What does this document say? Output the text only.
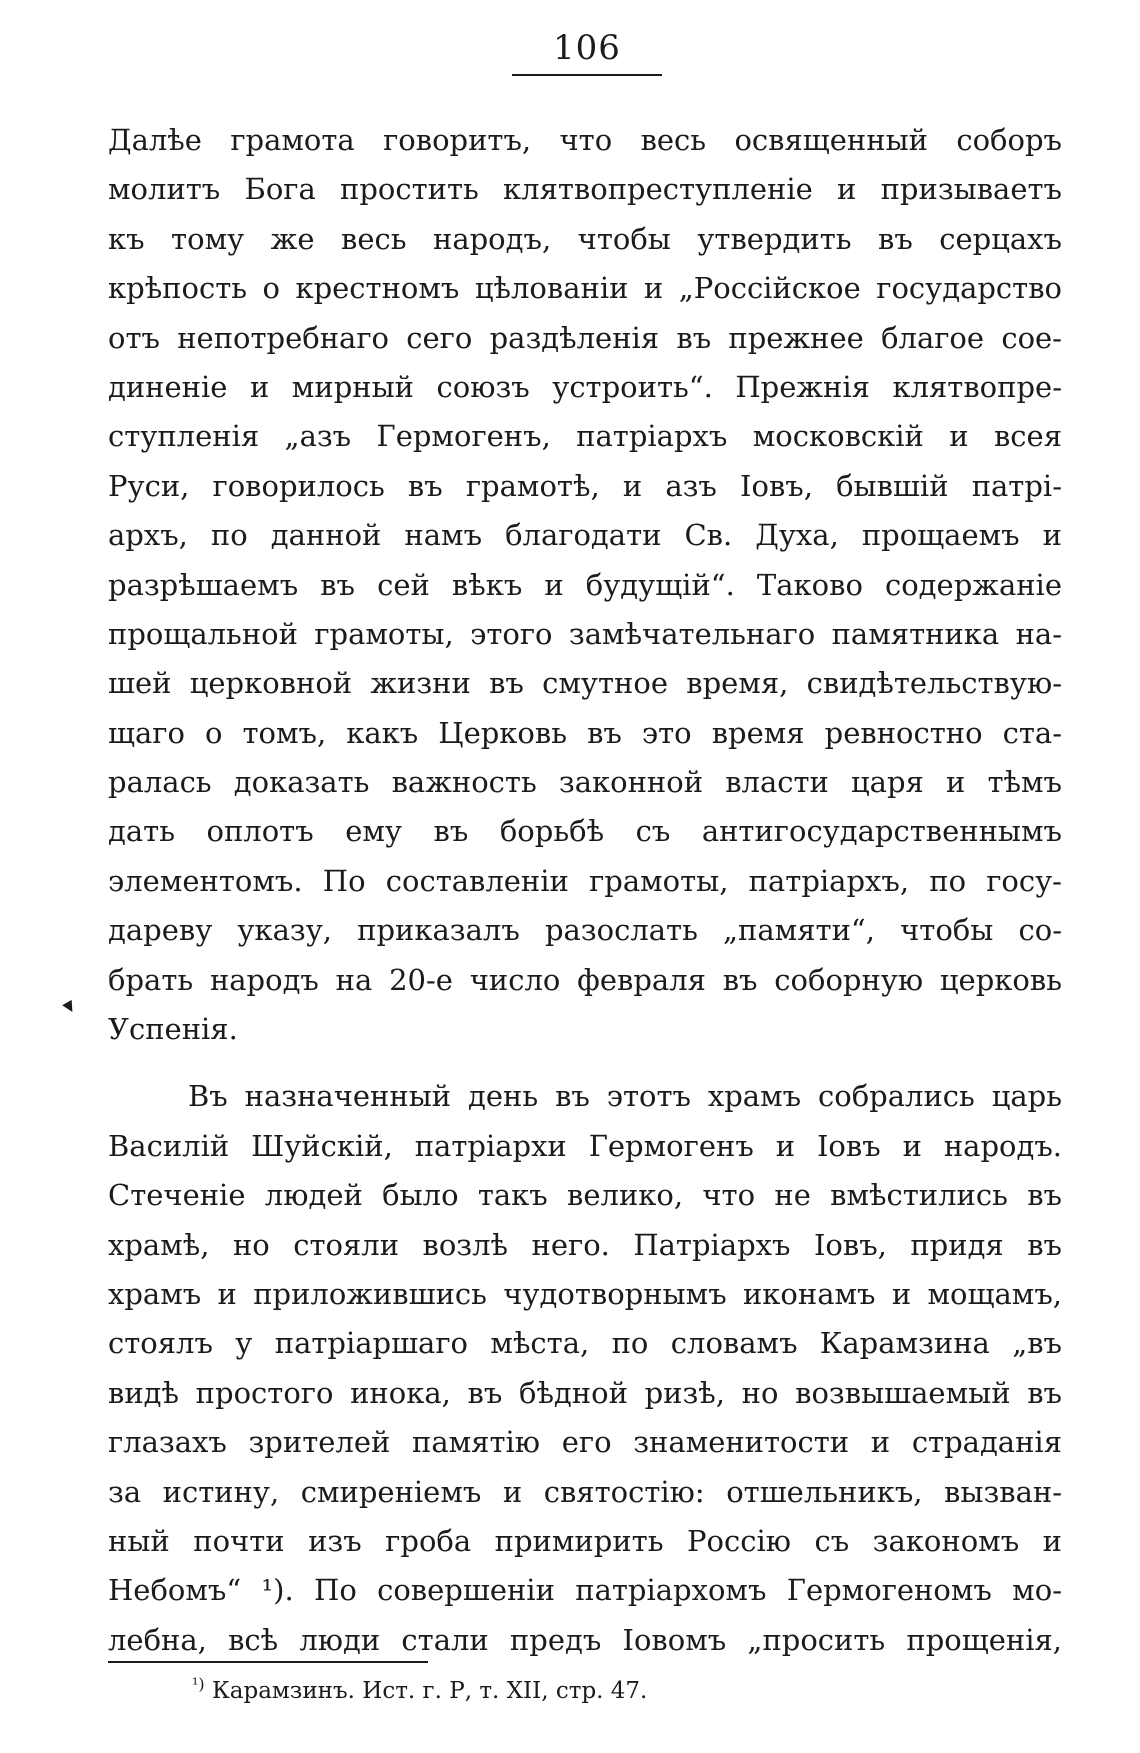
106
Далѣе грамота говоритъ, что весь освященный соборъ
молитъ Бога простить клятвопреступленіе и призываетъ
къ тому же весь народъ, чтобы утвердить въ серцахъ
крѣпость о крестномъ цѣлованіи и „Россійское государство
отъ непотребнаго сего раздѣленія въ прежнее благое сое-
диненіе и мирный союзъ устроить“. Прежнія клятвопре-
ступленія „азъ Гермогенъ, патріархъ московскій и всея
Руси, говорилось въ грамотѣ, и азъ Іовъ, бывшій патрі-
архъ, по данной намъ благодати Св. Духа, прощаемъ и
разрѣшаемъ въ сей вѣкъ и будущій“. Таково содержаніе
прощальной грамоты, этого замѣчательнаго памятника на-
шей церковной жизни въ смутное время, свидѣтельствую-
щаго о томъ, какъ Церковь въ это время ревностно ста-
ралась доказать важность законной власти царя и тѣмъ
дать оплотъ ему въ борьбѣ съ антигосударственнымъ
элементомъ. По составленіи грамоты, патріархъ, по госу-
дареву указу, приказалъ разослать „памяти“, чтобы со-
брать народъ на 20-е число февраля въ соборную церковь
Успенія.
Въ назначенный день въ этотъ храмъ собрались царь
Василій Шуйскій, патріархи Гермогенъ и Іовъ и народъ.
Стеченіе людей было такъ велико, что не вмѣстились въ
храмѣ, но стояли возлѣ него. Патріархъ Іовъ, придя въ
храмъ и приложившись чудотворнымъ иконамъ и мощамъ,
стоялъ у патріаршаго мѣста, по словамъ Карамзина „въ
видѣ простого инока, въ бѣдной ризѣ, но возвышаемый въ
глазахъ зрителей памятію его знаменитости и страданія
за истину, смиреніемъ и святостію: отшельникъ, вызван-
ный почти изъ гроба примирить Россію съ закономъ и
Небомъ“ ¹). По совершеніи патріархомъ Гермогеномъ мо-
лебна, всѣ люди стали предъ Іовомъ „просить прощенія,
▾
$^{^1)}$ Карамзинъ. Ист. г. Р, т. XII, стр. 47.
